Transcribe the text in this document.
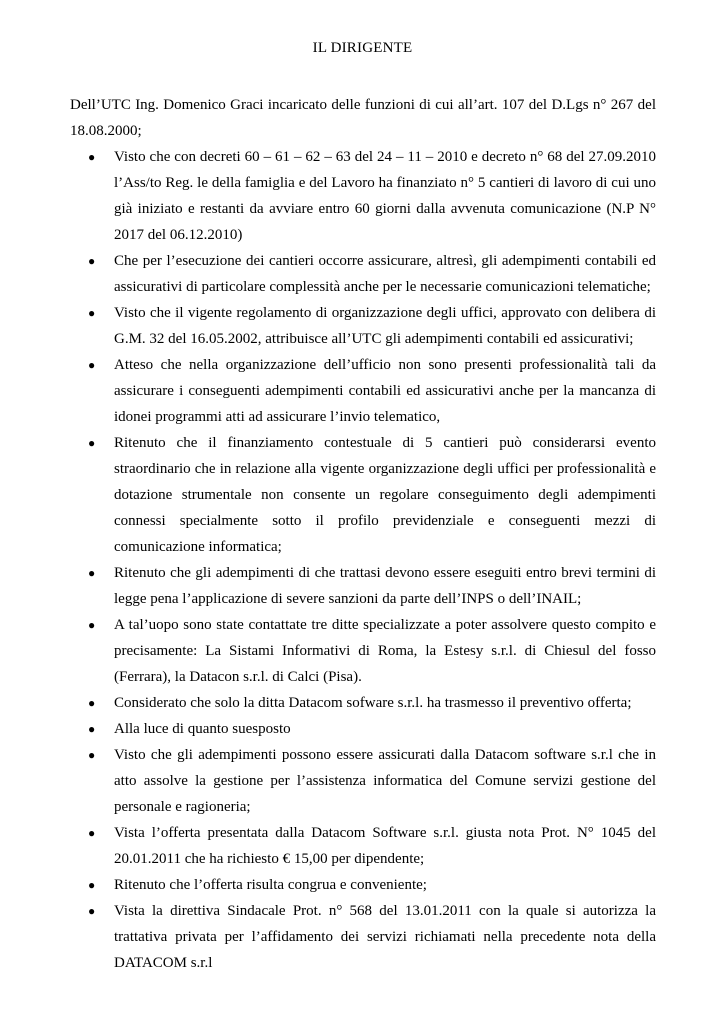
IL DIRIGENTE
Dell’UTC Ing. Domenico Graci incaricato delle funzioni di cui all’art. 107 del D.Lgs n° 267 del 18.08.2000;
● Visto che con decreti 60 – 61 – 62 – 63 del 24 – 11 – 2010 e decreto n° 68 del 27.09.2010 l’Ass/to Reg. le della famiglia e del Lavoro ha finanziato n° 5 cantieri di lavoro di cui uno già iniziato e restanti da avviare entro 60 giorni dalla avvenuta comunicazione (N.P N° 2017 del 06.12.2010)
● Che per l’esecuzione dei cantieri occorre assicurare, altresì, gli adempimenti contabili ed assicurativi di particolare complessità anche per le necessarie comunicazioni telematiche;
● Visto che il vigente regolamento di organizzazione degli uffici, approvato con delibera di G.M. 32 del 16.05.2002, attribuisce all’UTC gli adempimenti contabili ed assicurativi;
● Atteso che nella organizzazione dell’ufficio non sono presenti professionalità tali da assicurare i conseguenti adempimenti contabili ed assicurativi anche per la mancanza di idonei programmi atti ad assicurare l’invio telematico,
● Ritenuto che il finanziamento contestuale di 5 cantieri può considerarsi evento straordinario che in relazione alla vigente organizzazione degli uffici per professionalità e dotazione strumentale non consente un regolare conseguimento degli adempimenti connessi specialmente sotto il profilo previdenziale e conseguenti mezzi di comunicazione informatica;
● Ritenuto che gli adempimenti di che trattasi devono essere eseguiti entro brevi termini di legge pena l’applicazione di severe sanzioni da parte dell’INPS o dell’INAIL;
● A tal’uopo sono state contattate tre ditte specializzate a poter assolvere questo compito e precisamente: La Sistami Informativi di Roma, la Estesy s.r.l. di Chiesul del fosso (Ferrara), la Datacon s.r.l. di Calci (Pisa).
● Considerato che solo la ditta Datacom sofware s.r.l. ha trasmesso il preventivo offerta;
● Alla luce di quanto suesposto
● Visto che gli adempimenti possono essere assicurati dalla Datacom software s.r.l che in atto assolve la gestione per l’assistenza informatica del Comune servizi gestione del personale e ragioneria;
● Vista l’offerta presentata dalla Datacom Software s.r.l. giusta nota Prot. N° 1045 del 20.01.2011 che ha richiesto € 15,00 per dipendente;
● Ritenuto che l’offerta risulta congrua e conveniente;
● Vista la direttiva Sindacale Prot. n° 568 del 13.01.2011 con la quale si autorizza la trattativa privata per l’affidamento dei servizi richiamati nella precedente nota della DATACOM s.r.l
